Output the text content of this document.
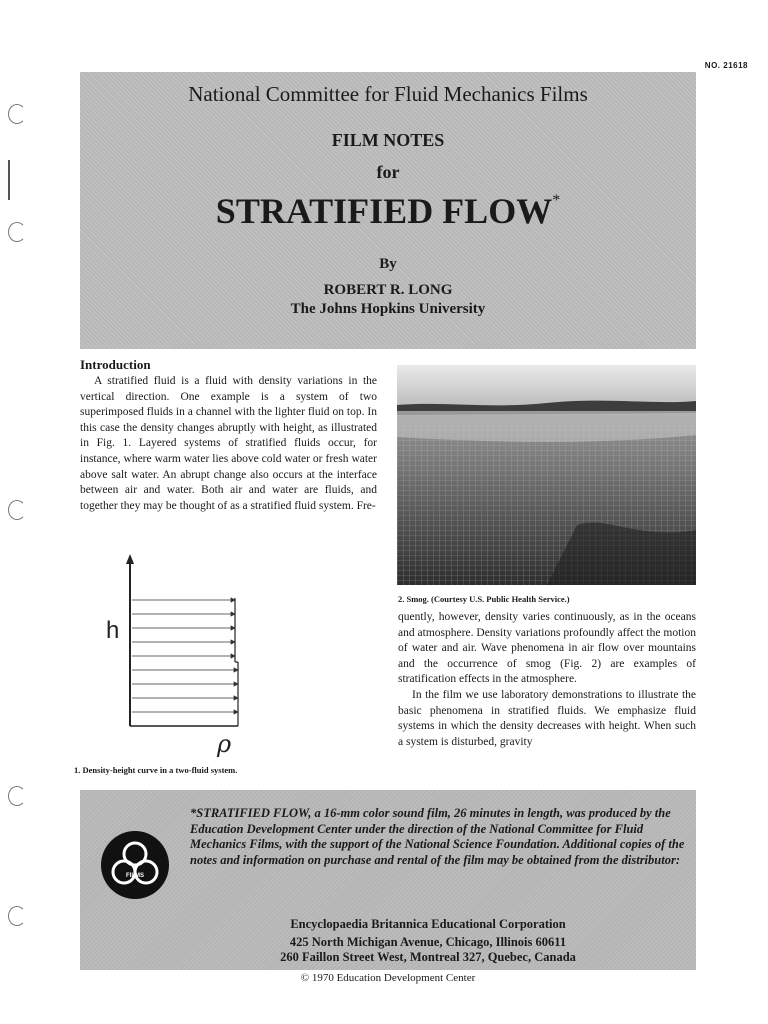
NO. 21618
National Committee for Fluid Mechanics Films
FILM NOTES
for
STRATIFIED FLOW*
By
ROBERT R. LONG
The Johns Hopkins University
Introduction

A stratified fluid is a fluid with density variations in the vertical direction. One example is a system of two superimposed fluids in a channel with the lighter fluid on top. In this case the density changes abruptly with height, as illustrated in Fig. 1. Layered systems of stratified fluids occur, for instance, where warm water lies above cold water or fresh water above salt water. An abrupt change also occurs at the interface between air and water. Both air and water are fluids, and together they may be thought of as a stratified fluid system. Fre-

h
ρ
1. Density-height curve in a two-fluid system.
2. Smog. (Courtesy U.S. Public Health Service.)

quently, however, density varies continuously, as in the oceans and atmosphere. Density variations profoundly affect the motion of water and air. Wave phenomena in air flow over mountains and the occurrence of smog (Fig. 2) are examples of stratification effects in the atmosphere.

In the film we use laboratory demonstrations to illustrate the basic phenomena in stratified fluids. We emphasize fluid systems in which the density decreases with height. When such a system is disturbed, gravity

FILMS
*STRATIFIED FLOW, a 16-mm color sound film, 26 minutes in length, was produced by the Education Development Center under the direction of the National Committee for Fluid Mechanics Films, with the support of the National Science Foundation. Additional copies of the notes and information on purchase and rental of the film may be obtained from the distributor:
Encyclopaedia Britannica Educational Corporation
425 North Michigan Avenue, Chicago, Illinois 60611
260 Faillon Street West, Montreal 327, Quebec, Canada
© 1970 Education Development Center
